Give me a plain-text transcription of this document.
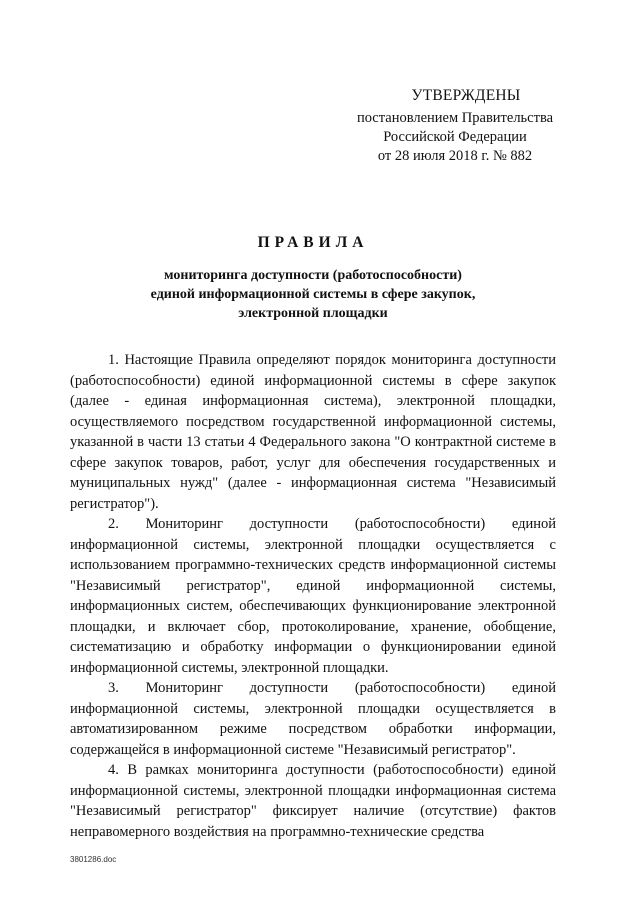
УТВЕРЖДЕНЫ
постановлением Правительства
Российской Федерации
от 28 июля 2018 г. № 882
ПРАВИЛА
мониторинга доступности (работоспособности)
единой информационной системы в сфере закупок,
электронной площадки

1. Настоящие Правила определяют порядок мониторинга доступности (работоспособности) единой информационной системы в сфере закупок (далее - единая информационная система), электронной площадки, осуществляемого посредством государственной информационной системы, указанной в части 13 статьи 4 Федерального закона "О контрактной системе в сфере закупок товаров, работ, услуг для обеспечения государственных и муниципальных нужд" (далее - информационная система "Независимый регистратор").

2. Мониторинг доступности (работоспособности) единой информационной системы, электронной площадки осуществляется с использованием программно-технических средств информационной системы "Независимый регистратор", единой информационной системы, информационных систем, обеспечивающих функционирование электронной площадки, и включает сбор, протоколирование, хранение, обобщение, систематизацию и обработку информации о функционировании единой информационной системы, электронной площадки.

3. Мониторинг доступности (работоспособности) единой информационной системы, электронной площадки осуществляется в автоматизированном режиме посредством обработки информации, содержащейся в информационной системе "Независимый регистратор".

4. В рамках мониторинга доступности (работоспособности) единой информационной системы, электронной площадки информационная система "Независимый регистратор" фиксирует наличие (отсутствие) фактов неправомерного воздействия на программно-технические средства

3801286.doc
